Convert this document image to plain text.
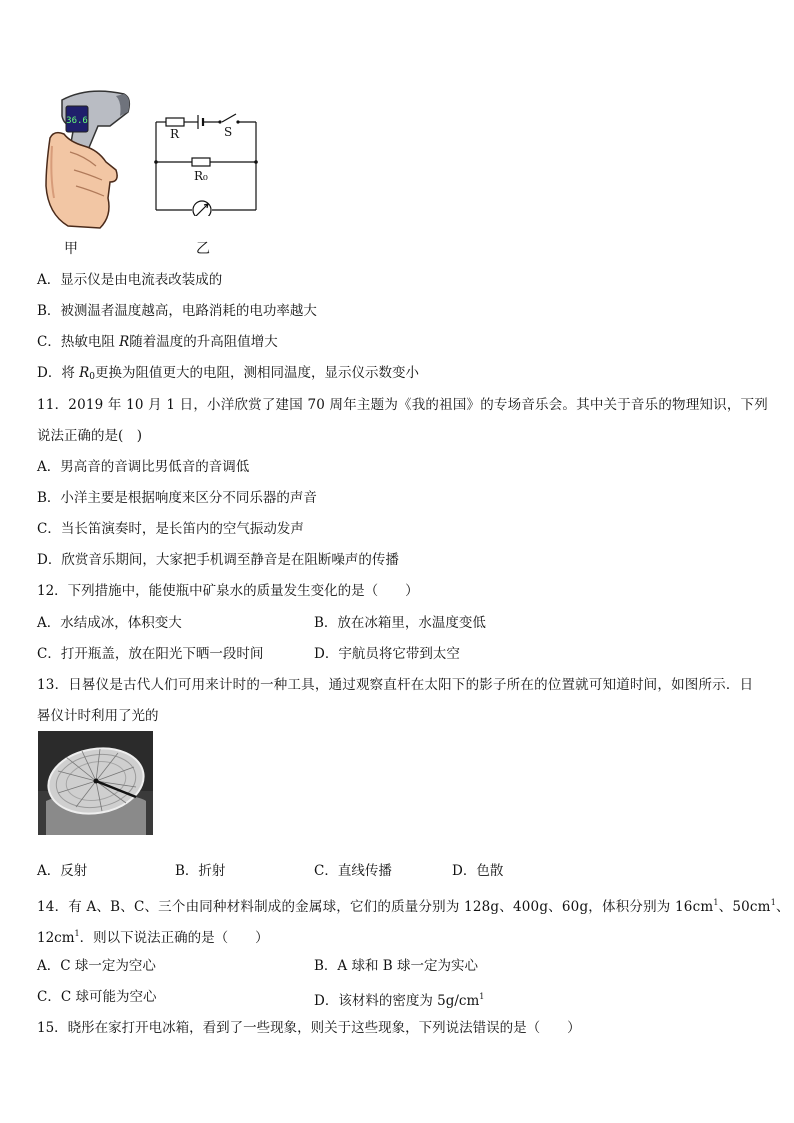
36.6
甲
R	S
R₀
乙
A．显示仪是由电流表改装成的
B．被测温者温度越高，电路消耗的电功率越大
C．热敏电阻 R随着温度的升高阻值增大
D．将 $R_0$更换为阻值更大的电阻，测相同温度，显示仪示数变小
11．2019 年 10 月 1 日，小洋欣赏了建国 70 周年主题为《我的祖国》的专场音乐会。其中关于音乐的物理知识，下列
说法正确的是(　)
A．男高音的音调比男低音的音调低
B．小洋主要是根据响度来区分不同乐器的声音
C．当长笛演奏时，是长笛内的空气振动发声
D．欣赏音乐期间，大家把手机调至静音是在阻断噪声的传播
12．下列措施中，能使瓶中矿泉水的质量发生变化的是（　　）
A．水结成冰，体积变大	B．放在冰箱里，水温度变低
C．打开瓶盖，放在阳光下晒一段时间	D．宇航员将它带到太空
13．日晷仪是古代人们可用来计时的一种工具，通过观察直杆在太阳下的影子所在的位置就可知道时间，如图所示．日
晷仪计时利用了光的
A．反射	B．折射	C．直线传播	D．色散
14．有 A、B、C、三个由同种材料制成的金属球，它们的质量分别为 128g、400g、60g，体积分别为 $16cm^1$、$50cm^1$、
$12cm^1$．则以下说法正确的是（　　）
A．C 球一定为空心	B．A 球和 B 球一定为实心
C．C 球可能为空心	D．该材料的密度为 $5g/cm^1$
15．晓彤在家打开电冰箱，看到了一些现象，则关于这些现象，下列说法错误的是（　　）
